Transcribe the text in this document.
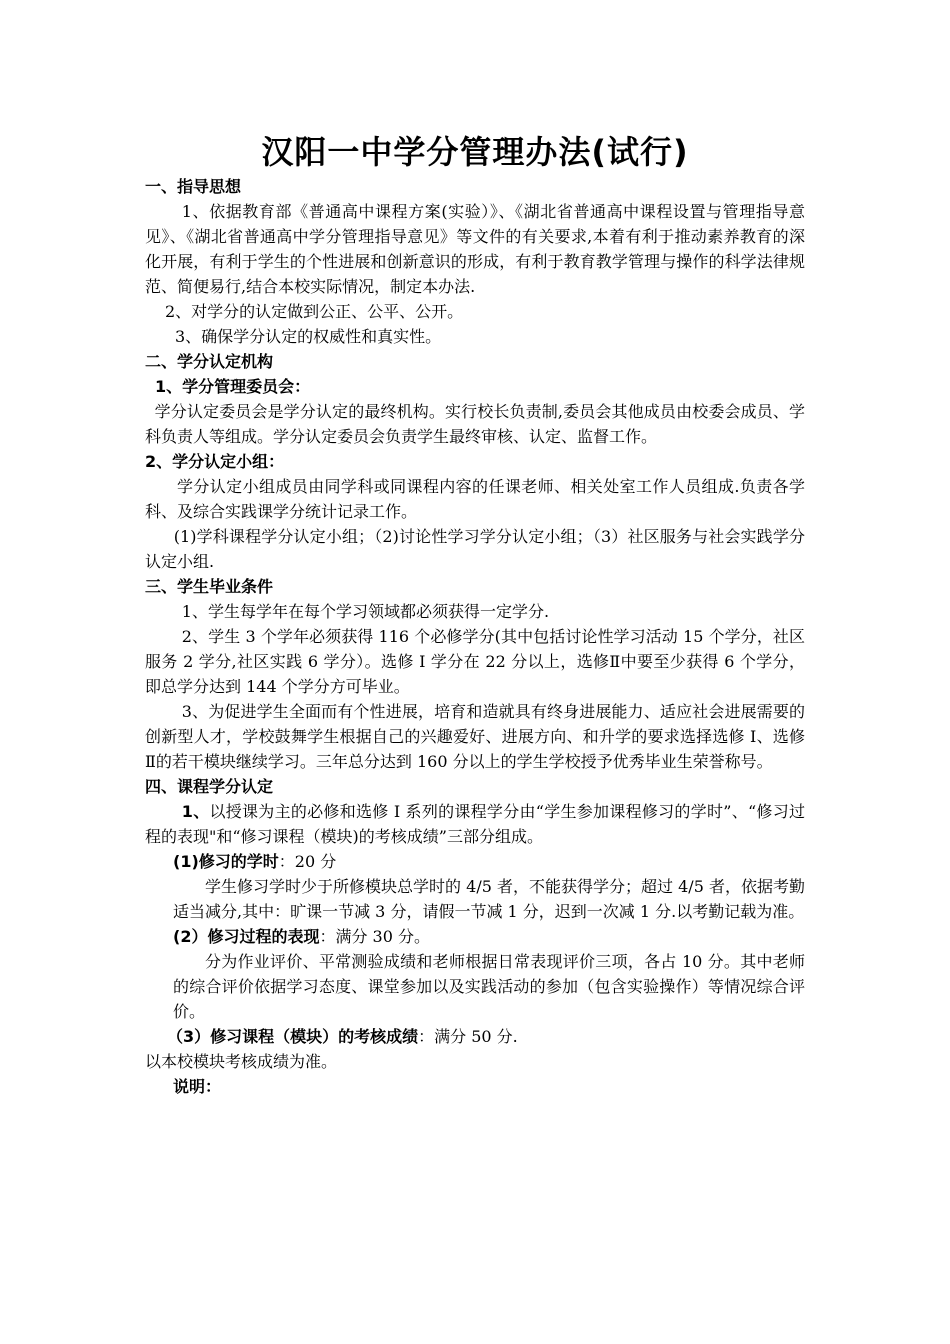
汉阳一中学分管理办法(试行)
一、指导思想

1、依据教育部《普通高中课程方案(实验）》、《湖北省普通高中课程设置与管理指导意见》、《湖北省普通高中学分管理指导意见》等文件的有关要求,本着有利于推动素养教育的深化开展，有利于学生的个性进展和创新意识的形成，有利于教育教学管理与操作的科学法律规范、简便易行,结合本校实际情况，制定本办法.

2、对学分的认定做到公正、公平、公开。

3、确保学分认定的权威性和真实性。

二、学分认定机构
1、学分管理委员会：

学分认定委员会是学分认定的最终机构。实行校长负责制,委员会其他成员由校委会成员、学科负责人等组成。学分认定委员会负责学生最终审核、认定、监督工作。

2、学分认定小组：

学分认定小组成员由同学科或同课程内容的任课老师、相关处室工作人员组成.负责各学科、及综合实践课学分统计记录工作。

(1)学科课程学分认定小组；（2)讨论性学习学分认定小组；（3）社区服务与社会实践学分认定小组.

三、学生毕业条件

1、学生每学年在每个学习领域都必须获得一定学分.

2、学生 3 个学年必须获得 116 个必修学分(其中包括讨论性学习活动 15 个学分，社区服务 2 学分,社区实践 6 学分）。选修 I 学分在 22 分以上，选修Ⅱ中要至少获得 6 个学分，即总学分达到 144 个学分方可毕业。

3、为促进学生全面而有个性进展，培育和造就具有终身进展能力、适应社会进展需要的创新型人才，学校鼓舞学生根据自己的兴趣爱好、进展方向、和升学的要求选择选修 I、选修Ⅱ的若干模块继续学习。三年总分达到 160 分以上的学生学校授予优秀毕业生荣誉称号。

四、课程学分认定

1、以授课为主的必修和选修 I 系列的课程学分由“学生参加课程修习的学时”、“修习过程的表现"和“修习课程（模块)的考核成绩”三部分组成。

(1)修习的学时：20 分

学生修习学时少于所修模块总学时的 4/5 者，不能获得学分；超过 4/5 者，依据考勤适当减分,其中：旷课一节减 3 分，请假一节减 1 分，迟到一次减 1 分.以考勤记载为准。

(2）修习过程的表现：满分 30 分。

分为作业评价、平常测验成绩和老师根据日常表现评价三项，各占 10 分。其中老师的综合评价依据学习态度、课堂参加以及实践活动的参加（包含实验操作）等情况综合评价。

（3）修习课程（模块）的考核成绩：满分 50 分.

以本校模块考核成绩为准。

说明：
